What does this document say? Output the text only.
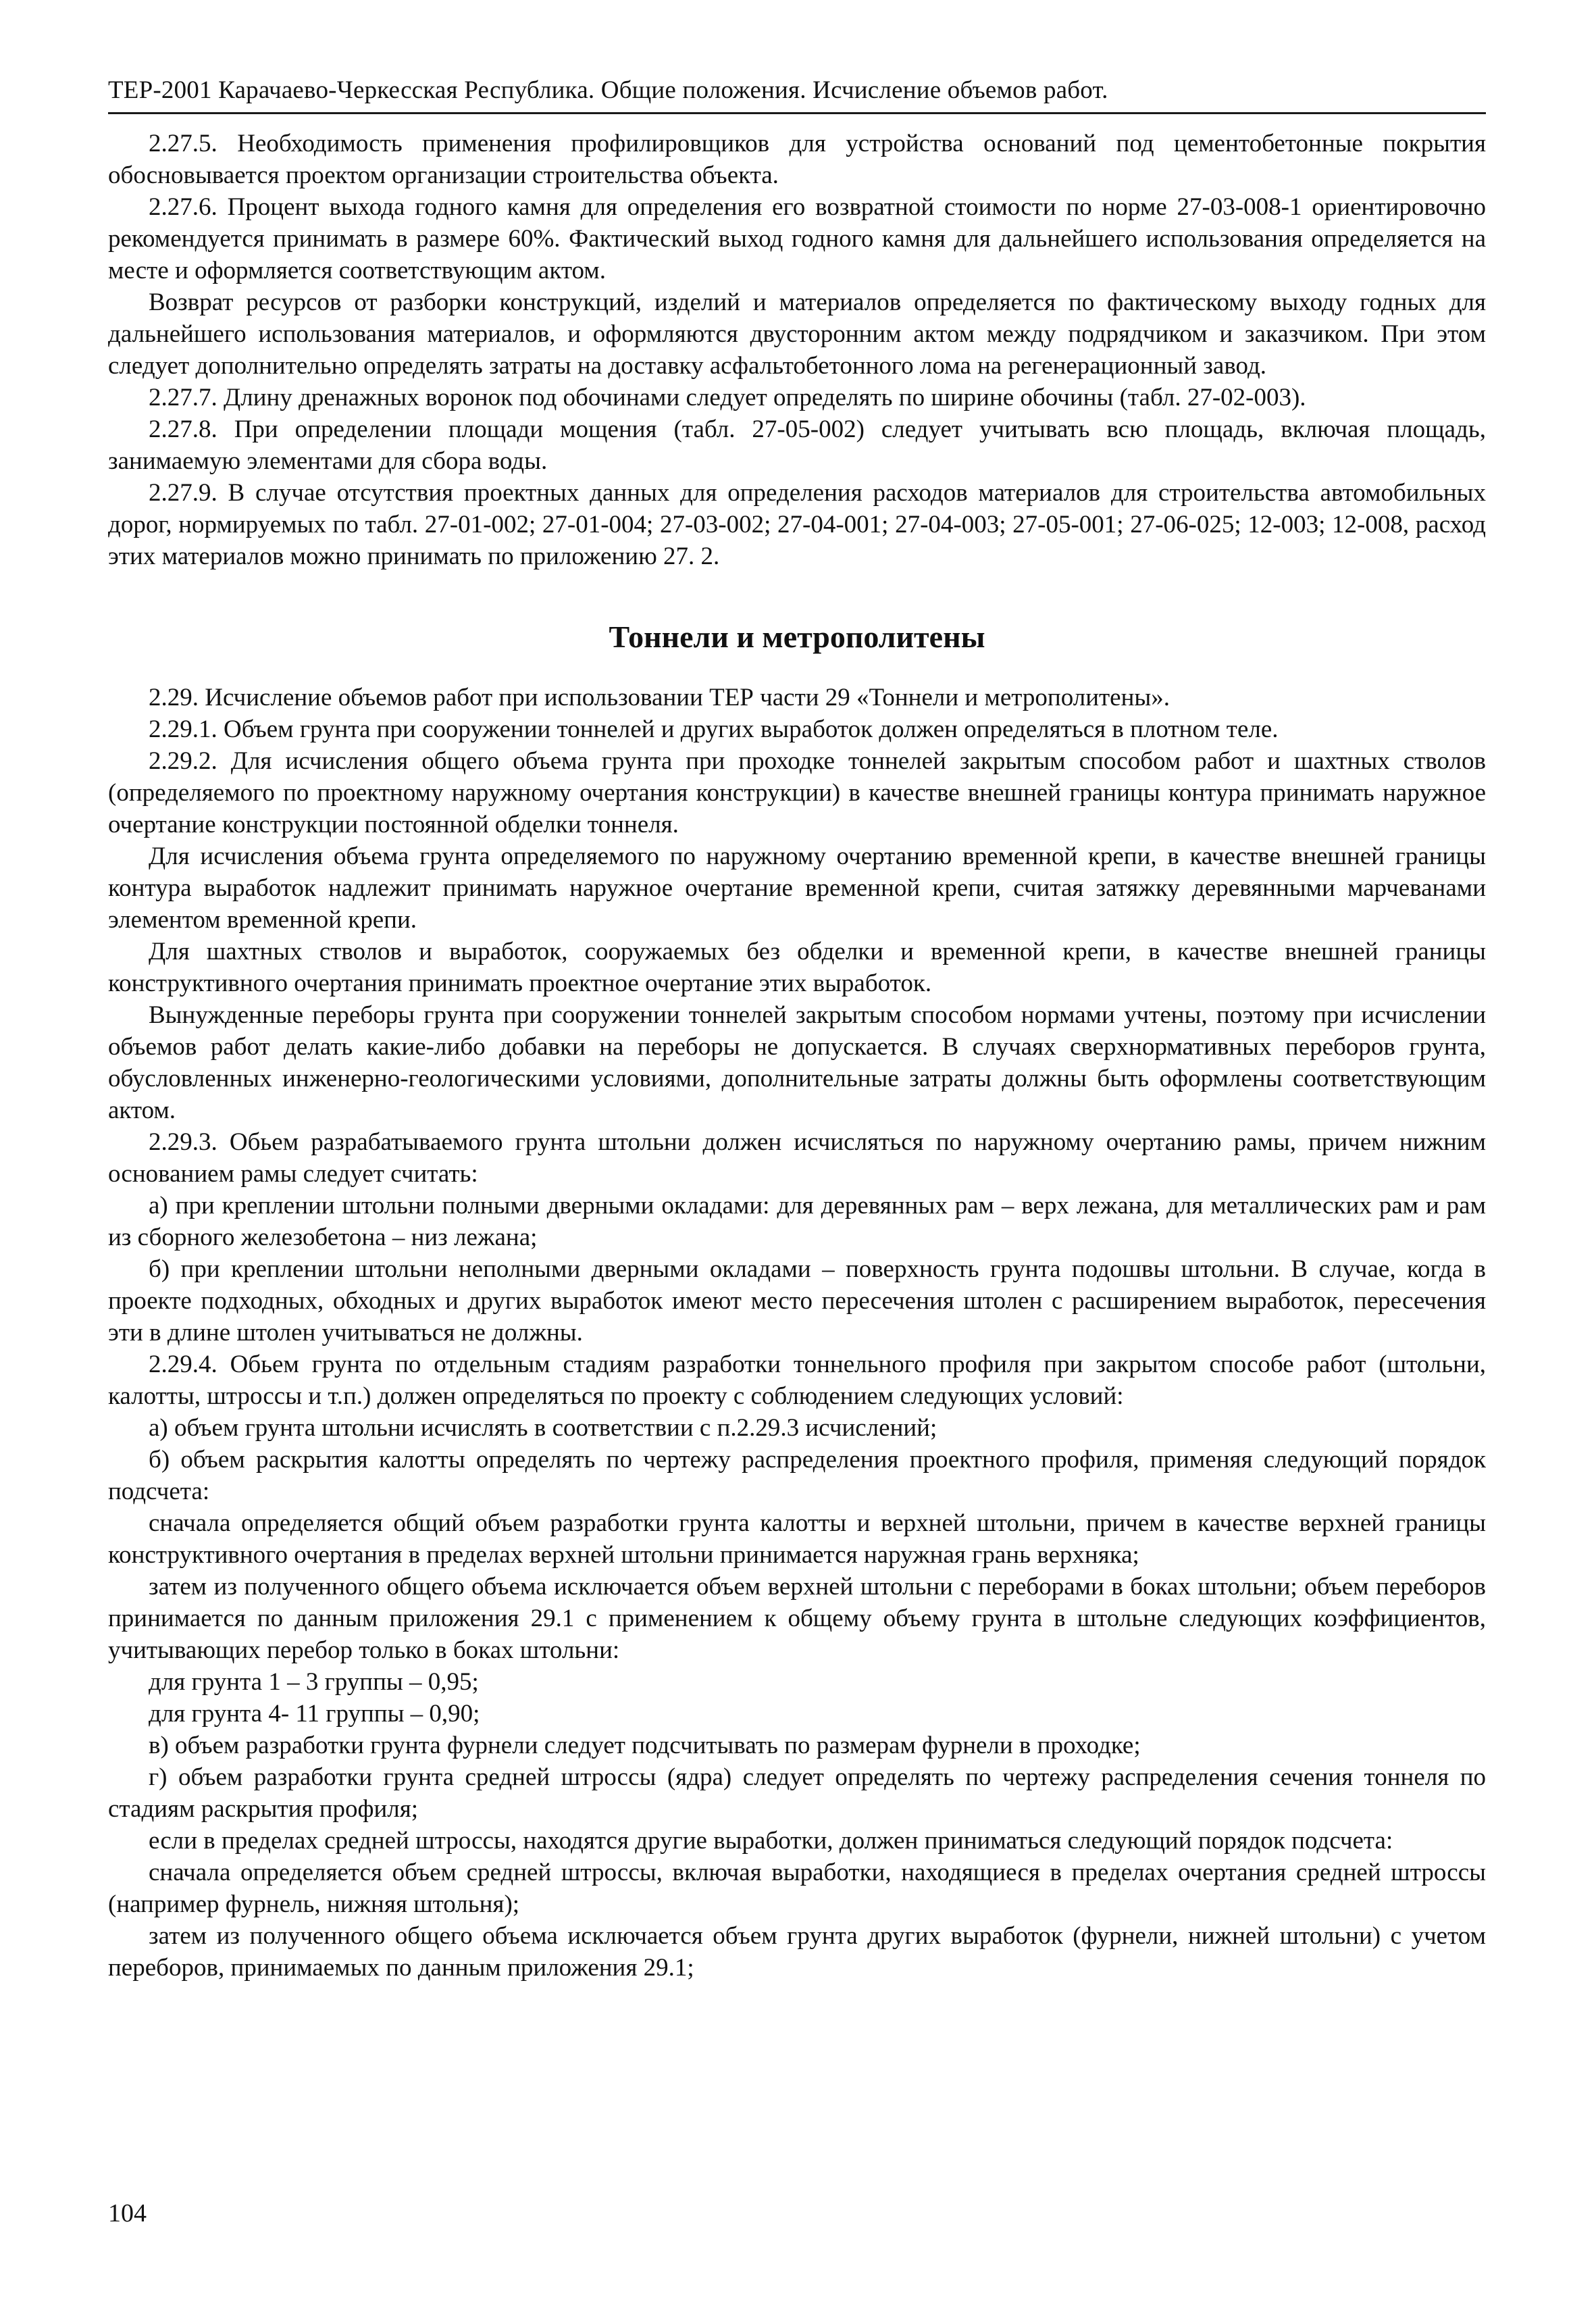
ТЕР-2001 Карачаево-Черкесская Республика. Общие положения. Исчисление объемов работ.

2.27.5. Необходимость применения профилировщиков для устройства оснований под цементобетонные покрытия обосновывается проектом организации строительства объекта.

2.27.6. Процент выхода годного камня для определения его возвратной стоимости по норме 27-03-008-1 ориентировочно рекомендуется принимать в размере 60%. Фактический выход годного камня для дальнейшего использования определяется на месте и оформляется соответствующим актом.

Возврат ресурсов от разборки конструкций, изделий и материалов определяется по фактическому выходу годных для дальнейшего использования материалов, и оформляются двусторонним актом между подрядчиком и заказчиком. При этом следует дополнительно определять затраты на доставку асфальтобетонного лома на регенерационный завод.

2.27.7. Длину дренажных воронок под обочинами следует определять по ширине обочины (табл. 27-02-003).

2.27.8. При определении площади мощения (табл. 27-05-002) следует учитывать всю площадь, включая площадь, занимаемую элементами для сбора воды.

2.27.9. В случае отсутствия проектных данных для определения расходов материалов для строительства автомобильных дорог, нормируемых по табл. 27-01-002; 27-01-004; 27-03-002; 27-04-001; 27-04-003; 27-05-001; 27-06-025; 12-003; 12-008, расход этих материалов можно принимать по приложению 27. 2.

Тоннели и метрополитены

2.29. Исчисление объемов работ при использовании ТЕР части 29 «Тоннели и метрополитены».

2.29.1. Объем грунта при сооружении тоннелей и других выработок должен определяться в плотном теле.

2.29.2. Для исчисления общего объема грунта при проходке тоннелей закрытым способом работ и шахтных стволов (определяемого по проектному наружному очертания конструкции) в качестве внешней границы контура принимать наружное очертание конструкции постоянной обделки тоннеля.

Для исчисления объема грунта определяемого по наружному очертанию временной крепи, в качестве внешней границы контура выработок надлежит принимать наружное очертание временной крепи, считая затяжку деревянными марчеванами элементом временной крепи.

Для шахтных стволов и выработок, сооружаемых без обделки и временной крепи, в качестве внешней границы конструктивного очертания принимать проектное очертание этих выработок.

Вынужденные переборы грунта при сооружении тоннелей закрытым способом нормами учтены, поэтому при исчислении объемов работ делать какие-либо добавки на переборы не допускается. В случаях сверхнормативных переборов грунта, обусловленных инженерно-геологическими условиями, дополнительные затраты должны быть оформлены соответствующим актом.

2.29.3. Обьем разрабатываемого грунта штольни должен исчисляться по наружному очертанию рамы, причем нижним основанием рамы следует считать:

а) при креплении штольни полными дверными окладами: для деревянных рам – верх лежана, для металлических рам и рам из сборного железобетона – низ лежана;

б) при креплении штольни неполными дверными окладами – поверхность грунта подошвы штольни. В случае, когда в проекте подходных, обходных и других выработок имеют место пересечения штолен с расширением выработок, пересечения эти в длине штолен учитываться не должны.

2.29.4. Обьем грунта по отдельным стадиям разработки тоннельного профиля при закрытом способе работ (штольни, калотты, штроссы и т.п.) должен определяться по проекту с соблюдением следующих условий:

а) объем грунта штольни исчислять в соответствии с п.2.29.3 исчислений;

б) объем раскрытия калотты определять по чертежу распределения проектного профиля, применяя следующий порядок подсчета:

сначала определяется общий объем разработки грунта калотты и верхней штольни, причем в качестве верхней границы конструктивного очертания в пределах верхней штольни принимается наружная грань верхняка;

затем из полученного общего объема исключается объем верхней штольни с переборами в боках штольни; объем переборов принимается по данным приложения 29.1 с применением к общему объему грунта в штольне следующих коэффициентов, учитывающих перебор только в боках штольни:

для грунта 1 – 3 группы – 0,95;

для грунта 4- 11 группы – 0,90;

в) объем разработки грунта фурнели следует подсчитывать по размерам фурнели в проходке;

г) объем разработки грунта средней штроссы (ядра) следует определять по чертежу распределения сечения тоннеля по стадиям раскрытия профиля;

если в пределах средней штроссы, находятся другие выработки, должен приниматься следующий порядок подсчета:

сначала определяется объем средней штроссы, включая выработки, находящиеся в пределах очертания средней штроссы (например фурнель, нижняя штольня);

затем из полученного общего объема исключается объем грунта других выработок (фурнели, нижней штольни) с учетом переборов, принимаемых по данным приложения 29.1;

104
